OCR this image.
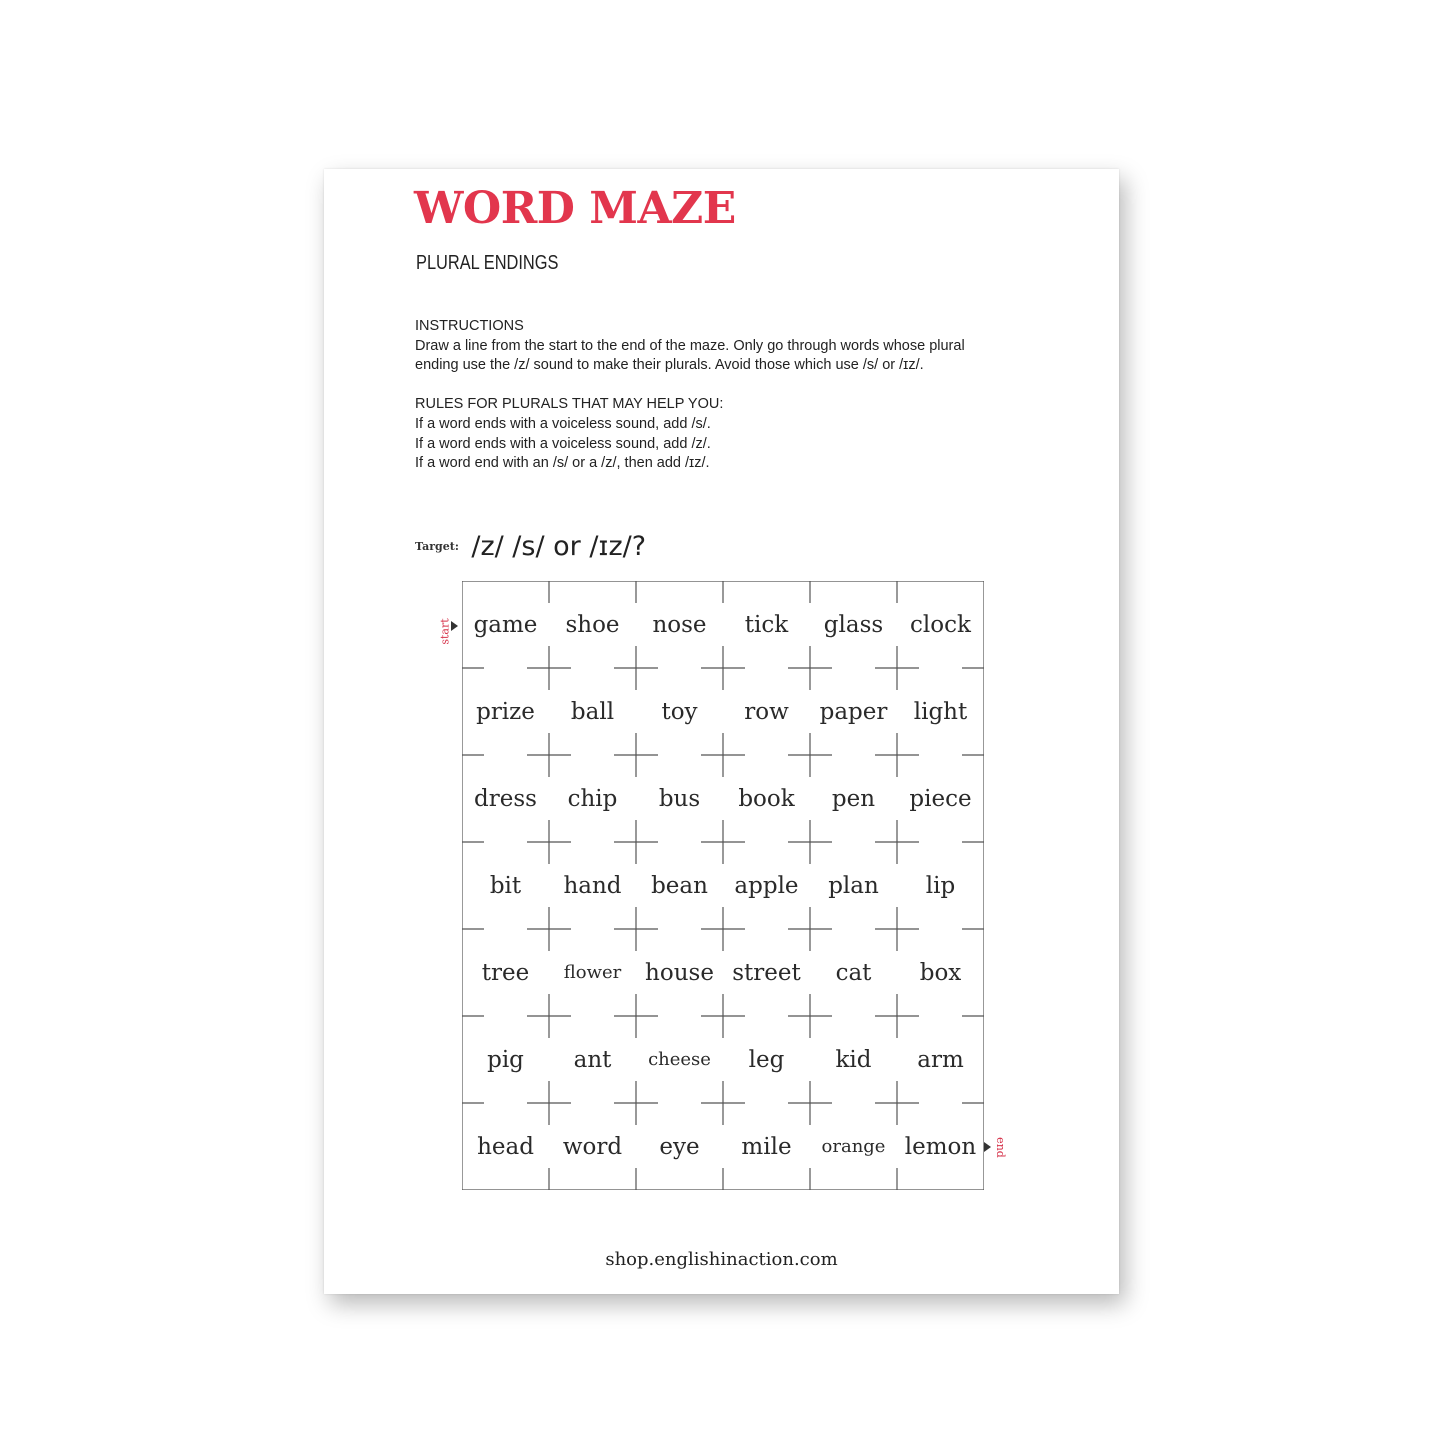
WORD MAZE
PLURAL ENDINGS

INSTRUCTIONS

Draw a line from the start to the end of the maze. Only go through words whose plural

ending use the /z/ sound to make their plurals. Avoid those which use /s/ or /ɪz/.

RULES FOR PLURALS THAT MAY HELP YOU:

If a word ends with a voiceless sound, add /s/.

If a word ends with a voiceless sound, add /z/.

If a word end with an /s/ or a /z/, then add /ɪz/.

Target: /z/ /s/ or /ɪz/?
start game shoe nose tick glass clock
prize ball toy row paper light
dress chip bus book pen piece
bit hand bean apple plan lip
tree flower house street cat box
pig ant cheese leg kid arm
head word eye mile orange lemon end
shop.englishinaction.com
